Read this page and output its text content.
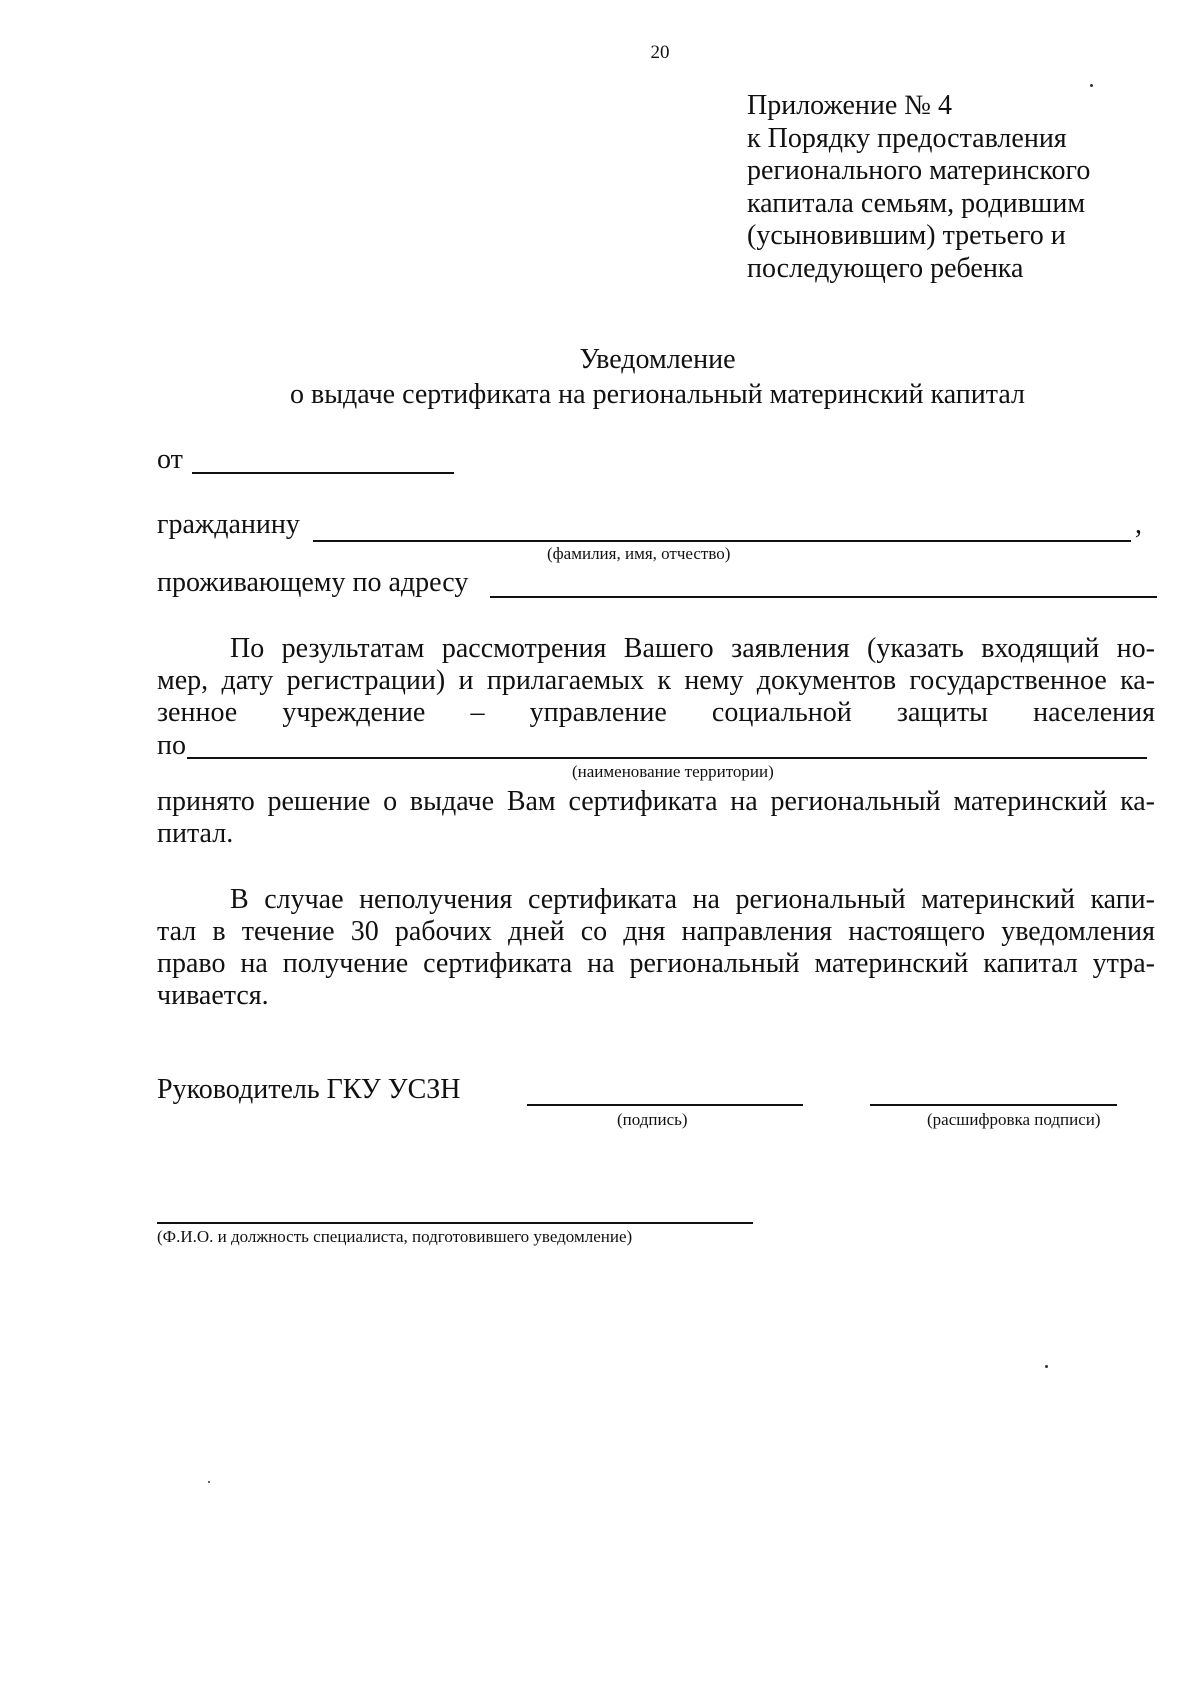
20
Приложение № 4
к Порядку предоставления
регионального материнского
капитала семьям, родившим
(усыновившим) третьего и
последующего ребенка
Уведомление
о выдаче сертификата на региональный материнский капитал
от
гражданину	,
(фамилия, имя, отчество)
проживающему по адресу
По результатам рассмотрения Вашего заявления (указать входящий но-
мер, дату регистрации) и прилагаемых к нему документов государственное ка-
зенное учреждение – управление социальной защиты населения
по
(наименование территории)
принято решение о выдаче Вам сертификата на региональный материнский ка-
питал.
В случае неполучения сертификата на региональный материнский капи-
тал в течение 30 рабочих дней со дня направления настоящего уведомления
право на получение сертификата на региональный материнский капитал утра-
чивается.
Руководитель ГКУ УСЗН
(подпись)	(расшифровка подписи)
(Ф.И.О. и должность специалиста, подготовившего уведомление)
